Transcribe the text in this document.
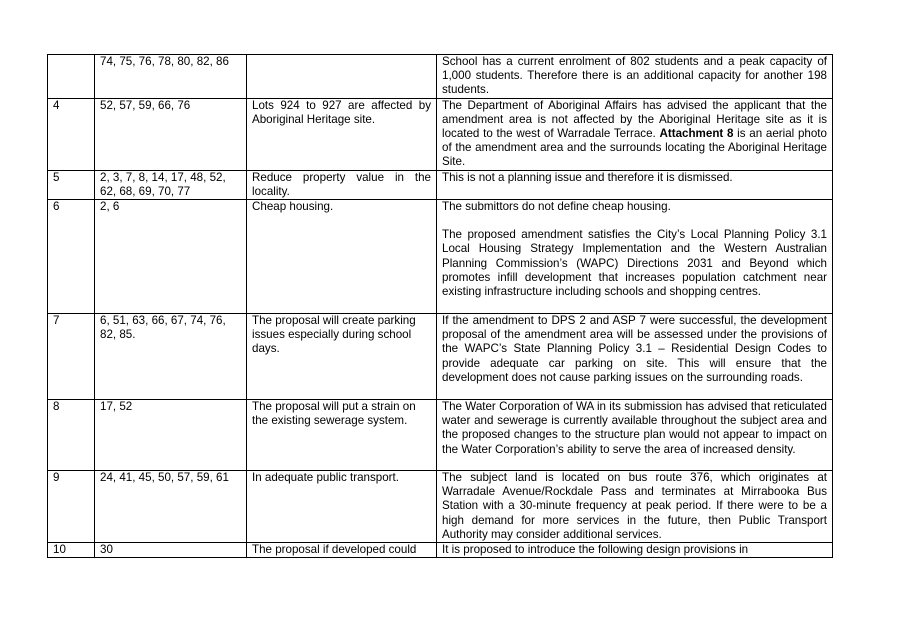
	74, 75, 76, 78, 80, 82, 86		School has a current enrolment of 802 students and a peak capacity of 1,000 students. Therefore there is an additional capacity for another 198 students.
4	52, 57, 59, 66, 76	Lots 924 to 927 are affected by Aboriginal Heritage site.	The Department of Aboriginal Affairs has advised the applicant that the amendment area is not affected by the Aboriginal Heritage site as it is located to the west of Warradale Terrace. Attachment 8 is an aerial photo of the amendment area and the surrounds locating the Aboriginal Heritage Site.
5	2, 3, 7, 8, 14, 17, 48, 52, 62, 68, 69, 70, 77	Reduce property value in the locality.	This is not a planning issue and therefore it is dismissed.
6	2, 6	Cheap housing.	The submittors do not define cheap housing.
The proposed amendment satisfies the City’s Local Planning Policy 3.1 Local Housing Strategy Implementation and the Western Australian Planning Commission’s (WAPC) Directions 2031 and Beyond which promotes infill development that increases population catchment near existing infrastructure including schools and shopping centres.

7	6, 51, 63, 66, 67, 74, 76, 82, 85.	The proposal will create parking issues especially during school days.	If the amendment to DPS 2 and ASP 7 were successful, the development proposal of the amendment area will be assessed under the provisions of the WAPC’s State Planning Policy 3.1 – Residential Design Codes to provide adequate car parking on site. This will ensure that the development does not cause parking issues on the surrounding roads.
8	17, 52	The proposal will put a strain on the existing sewerage system.	The Water Corporation of WA in its submission has advised that reticulated water and sewerage is currently available throughout the subject area and the proposed changes to the structure plan would not appear to impact on the Water Corporation’s ability to serve the area of increased density.
9	24, 41, 45, 50, 57, 59, 61	In adequate public transport.	The subject land is located on bus route 376, which originates at Warradale Avenue/Rockdale Pass and terminates at Mirrabooka Bus Station with a 30-minute frequency at peak period. If there were to be a high demand for more services in the future, then Public Transport Authority may consider additional services.
10	30	The proposal if developed could	It is proposed to introduce the following design provisions in
